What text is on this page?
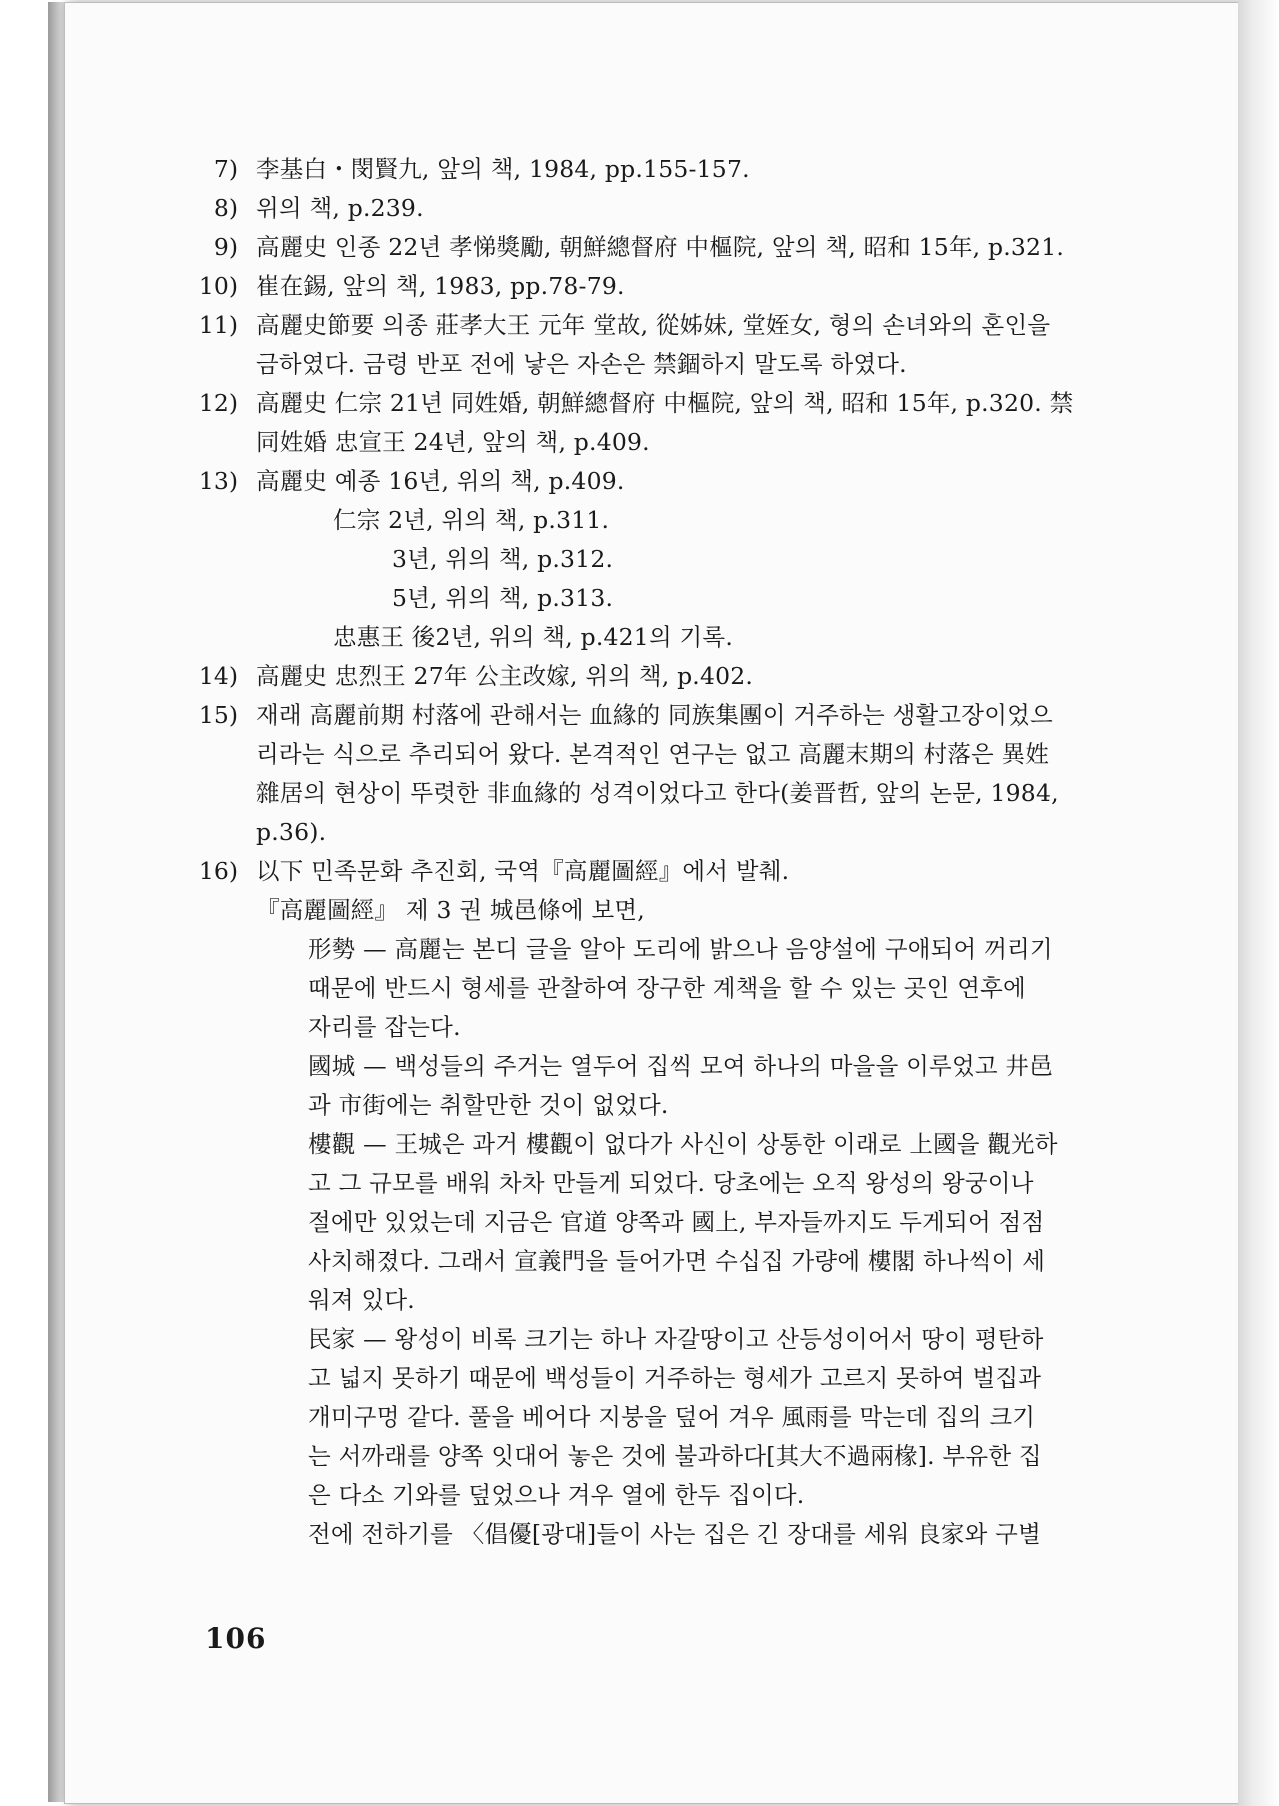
7) 李基白・閔賢九, 앞의 책, 1984, pp.155-157.
8) 위의 책, p.239.
9) 高麗史 인종 22년 孝悌獎勵, 朝鮮總督府 中樞院, 앞의 책, 昭和 15年, p.321.
10) 崔在錫, 앞의 책, 1983, pp.78-79.
11) 高麗史節要 의종 莊孝大王 元年 堂故, 從姊妹, 堂姪女, 형의 손녀와의 혼인을
금하였다. 금령 반포 전에 낳은 자손은 禁錮하지 말도록 하였다.
12) 高麗史 仁宗 21년 同姓婚, 朝鮮總督府 中樞院, 앞의 책, 昭和 15年, p.320. 禁
同姓婚 忠宣王 24년, 앞의 책, p.409.
13) 高麗史 예종 16년, 위의 책, p.409.
仁宗 2년, 위의 책, p.311.
3년, 위의 책, p.312.
5년, 위의 책, p.313.
忠惠王 後2년, 위의 책, p.421의 기록.
14) 高麗史 忠烈王 27年 公主改嫁, 위의 책, p.402.
15) 재래 高麗前期 村落에 관해서는 血緣的 同族集團이 거주하는 생활고장이었으
리라는 식으로 추리되어 왔다. 본격적인 연구는 없고 高麗末期의 村落은 異姓
雜居의 현상이 뚜렷한 非血緣的 성격이었다고 한다(姜晋哲, 앞의 논문, 1984,
p.36).
16) 以下 민족문화 추진회, 국역『高麗圖經』에서 발췌.
『高麗圖經』 제 3 권 城邑條에 보면,
形勢 — 高麗는 본디 글을 알아 도리에 밝으나 음양설에 구애되어 꺼리기
때문에 반드시 형세를 관찰하여 장구한 계책을 할 수 있는 곳인 연후에
자리를 잡는다.
國城 — 백성들의 주거는 열두어 집씩 모여 하나의 마을을 이루었고 井邑
과 市街에는 취할만한 것이 없었다.
樓觀 — 王城은 과거 樓觀이 없다가 사신이 상통한 이래로 上國을 觀光하
고 그 규모를 배워 차차 만들게 되었다. 당초에는 오직 왕성의 왕궁이나
절에만 있었는데 지금은 官道 양쪽과 國上, 부자들까지도 두게되어 점점
사치해졌다. 그래서 宣義門을 들어가면 수십집 가량에 樓閣 하나씩이 세
워져 있다.
民家 — 왕성이 비록 크기는 하나 자갈땅이고 산등성이어서 땅이 평탄하
고 넓지 못하기 때문에 백성들이 거주하는 형세가 고르지 못하여 벌집과
개미구멍 같다. 풀을 베어다 지붕을 덮어 겨우 風雨를 막는데 집의 크기
는 서까래를 양쪽 잇대어 놓은 것에 불과하다[其大不過兩椽]. 부유한 집
은 다소 기와를 덮었으나 겨우 열에 한두 집이다.
전에 전하기를 〈倡優[광대]들이 사는 집은 긴 장대를 세워 良家와 구별
106
